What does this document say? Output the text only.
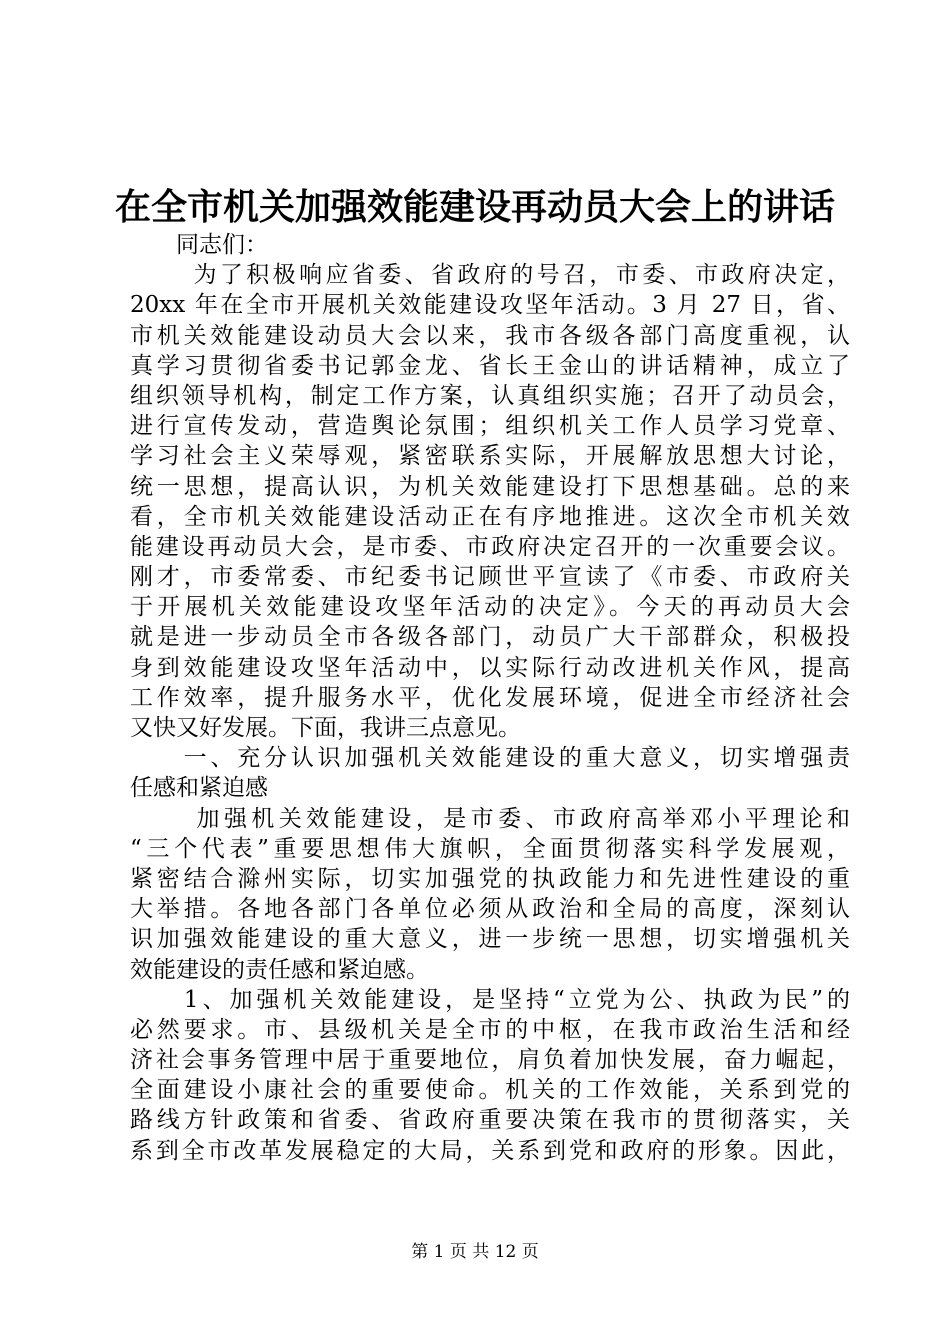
在全市机关加强效能建设再动员大会上的讲话
　　同志们：
　　 为了积极响应省委、省政府的号召，市委、市政府决定，
20xx 年在全市开展机关效能建设攻坚年活动。3 月 27 日，省、
市机关效能建设动员大会以来，我市各级各部门高度重视，认
真学习贯彻省委书记郭金龙、省长王金山的讲话精神，成立了
组织领导机构，制定工作方案，认真组织实施；召开了动员会，
进行宣传发动，营造舆论氛围；组织机关工作人员学习党章、
学习社会主义荣辱观，紧密联系实际，开展解放思想大讨论，
统一思想，提高认识，为机关效能建设打下思想基础。总的来
看，全市机关效能建设活动正在有序地推进。这次全市机关效
能建设再动员大会，是市委、市政府决定召开的一次重要会议。
刚才，市委常委、市纪委书记顾世平宣读了《市委、市政府关
于开展机关效能建设攻坚年活动的决定》。今天的再动员大会
就是进一步动员全市各级各部门，动员广大干部群众，积极投
身到效能建设攻坚年活动中，以实际行动改进机关作风，提高
工作效率，提升服务水平，优化发展环境，促进全市经济社会
又快又好发展。下面，我讲三点意见。
　　一、充分认识加强机关效能建设的重大意义，切实增强责
任感和紧迫感
　　 加强机关效能建设，是市委、市政府高举邓小平理论和
“三个代表”重要思想伟大旗帜，全面贯彻落实科学发展观，
紧密结合滁州实际，切实加强党的执政能力和先进性建设的重
大举措。各地各部门各单位必须从政治和全局的高度，深刻认
识加强效能建设的重大意义，进一步统一思想，切实增强机关
效能建设的责任感和紧迫感。
　　1、加强机关效能建设，是坚持“立党为公、执政为民”的
必然要求。市、县级机关是全市的中枢，在我市政治生活和经
济社会事务管理中居于重要地位，肩负着加快发展，奋力崛起，
全面建设小康社会的重要使命。机关的工作效能，关系到党的
路线方针政策和省委、省政府重要决策在我市的贯彻落实，关
系到全市改革发展稳定的大局，关系到党和政府的形象。因此，
第 1 页 共 12 页
